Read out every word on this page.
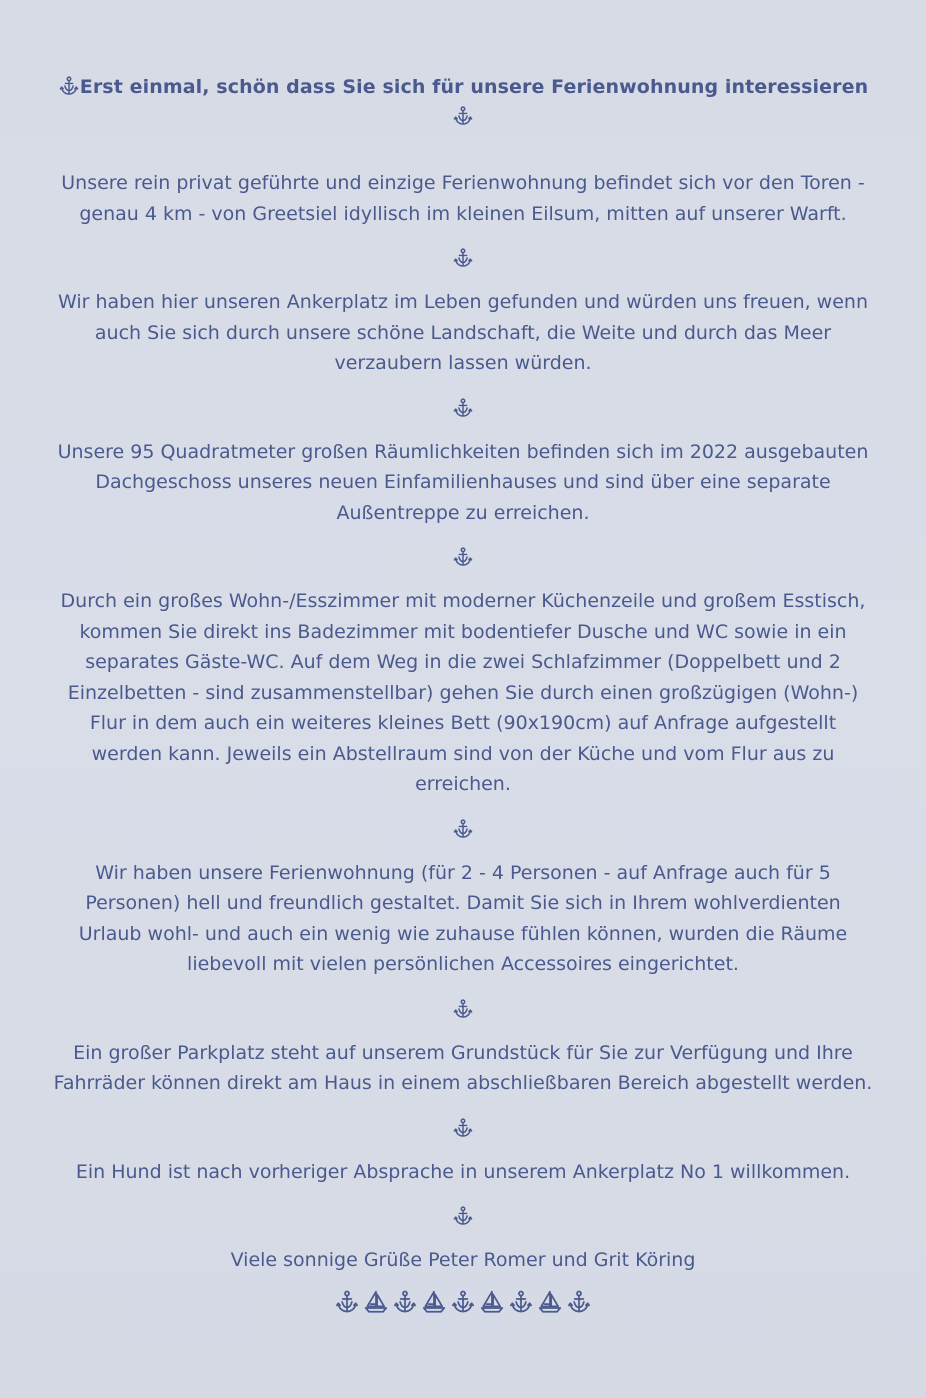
Erst einmal, schön dass Sie sich für unsere Ferienwohnung interessieren

Unsere rein privat geführte und einzige Ferienwohnung befindet sich vor den Toren - genau 4 km - von Greetsiel idyllisch im kleinen Eilsum, mitten auf unserer Warft.

Wir haben hier unseren Ankerplatz im Leben gefunden und würden uns freuen, wenn auch Sie sich durch unsere schöne Landschaft, die Weite und durch das Meer verzaubern lassen würden.

Unsere 95 Quadratmeter großen Räumlichkeiten befinden sich im 2022 ausgebauten Dachgeschoss unseres neuen Einfamilienhauses und sind über eine separate Außentreppe zu erreichen.

Durch ein großes Wohn-/Esszimmer mit moderner Küchenzeile und großem Esstisch, kommen Sie direkt ins Badezimmer mit bodentiefer Dusche und WC sowie in ein separates Gäste-WC. Auf dem Weg in die zwei Schlafzimmer (Doppelbett und 2 Einzelbetten - sind zusammenstellbar) gehen Sie durch einen großzügigen (Wohn-) Flur in dem auch ein weiteres kleines Bett (90x190cm) auf Anfrage aufgestellt werden kann. Jeweils ein Abstellraum sind von der Küche und vom Flur aus zu erreichen.

Wir haben unsere Ferienwohnung (für 2 - 4 Personen - auf Anfrage auch für 5 Personen) hell und freundlich gestaltet. Damit Sie sich in Ihrem wohlverdienten Urlaub wohl- und auch ein wenig wie zuhause fühlen können, wurden die Räume liebevoll mit vielen persönlichen Accessoires eingerichtet.

Ein großer Parkplatz steht auf unserem Grundstück für Sie zur Verfügung und Ihre Fahrräder können direkt am Haus in einem abschließbaren Bereich abgestellt werden.

Ein Hund ist nach vorheriger Absprache in unserem Ankerplatz No 1 willkommen.

Viele sonnige Grüße Peter Romer und Grit Köring
